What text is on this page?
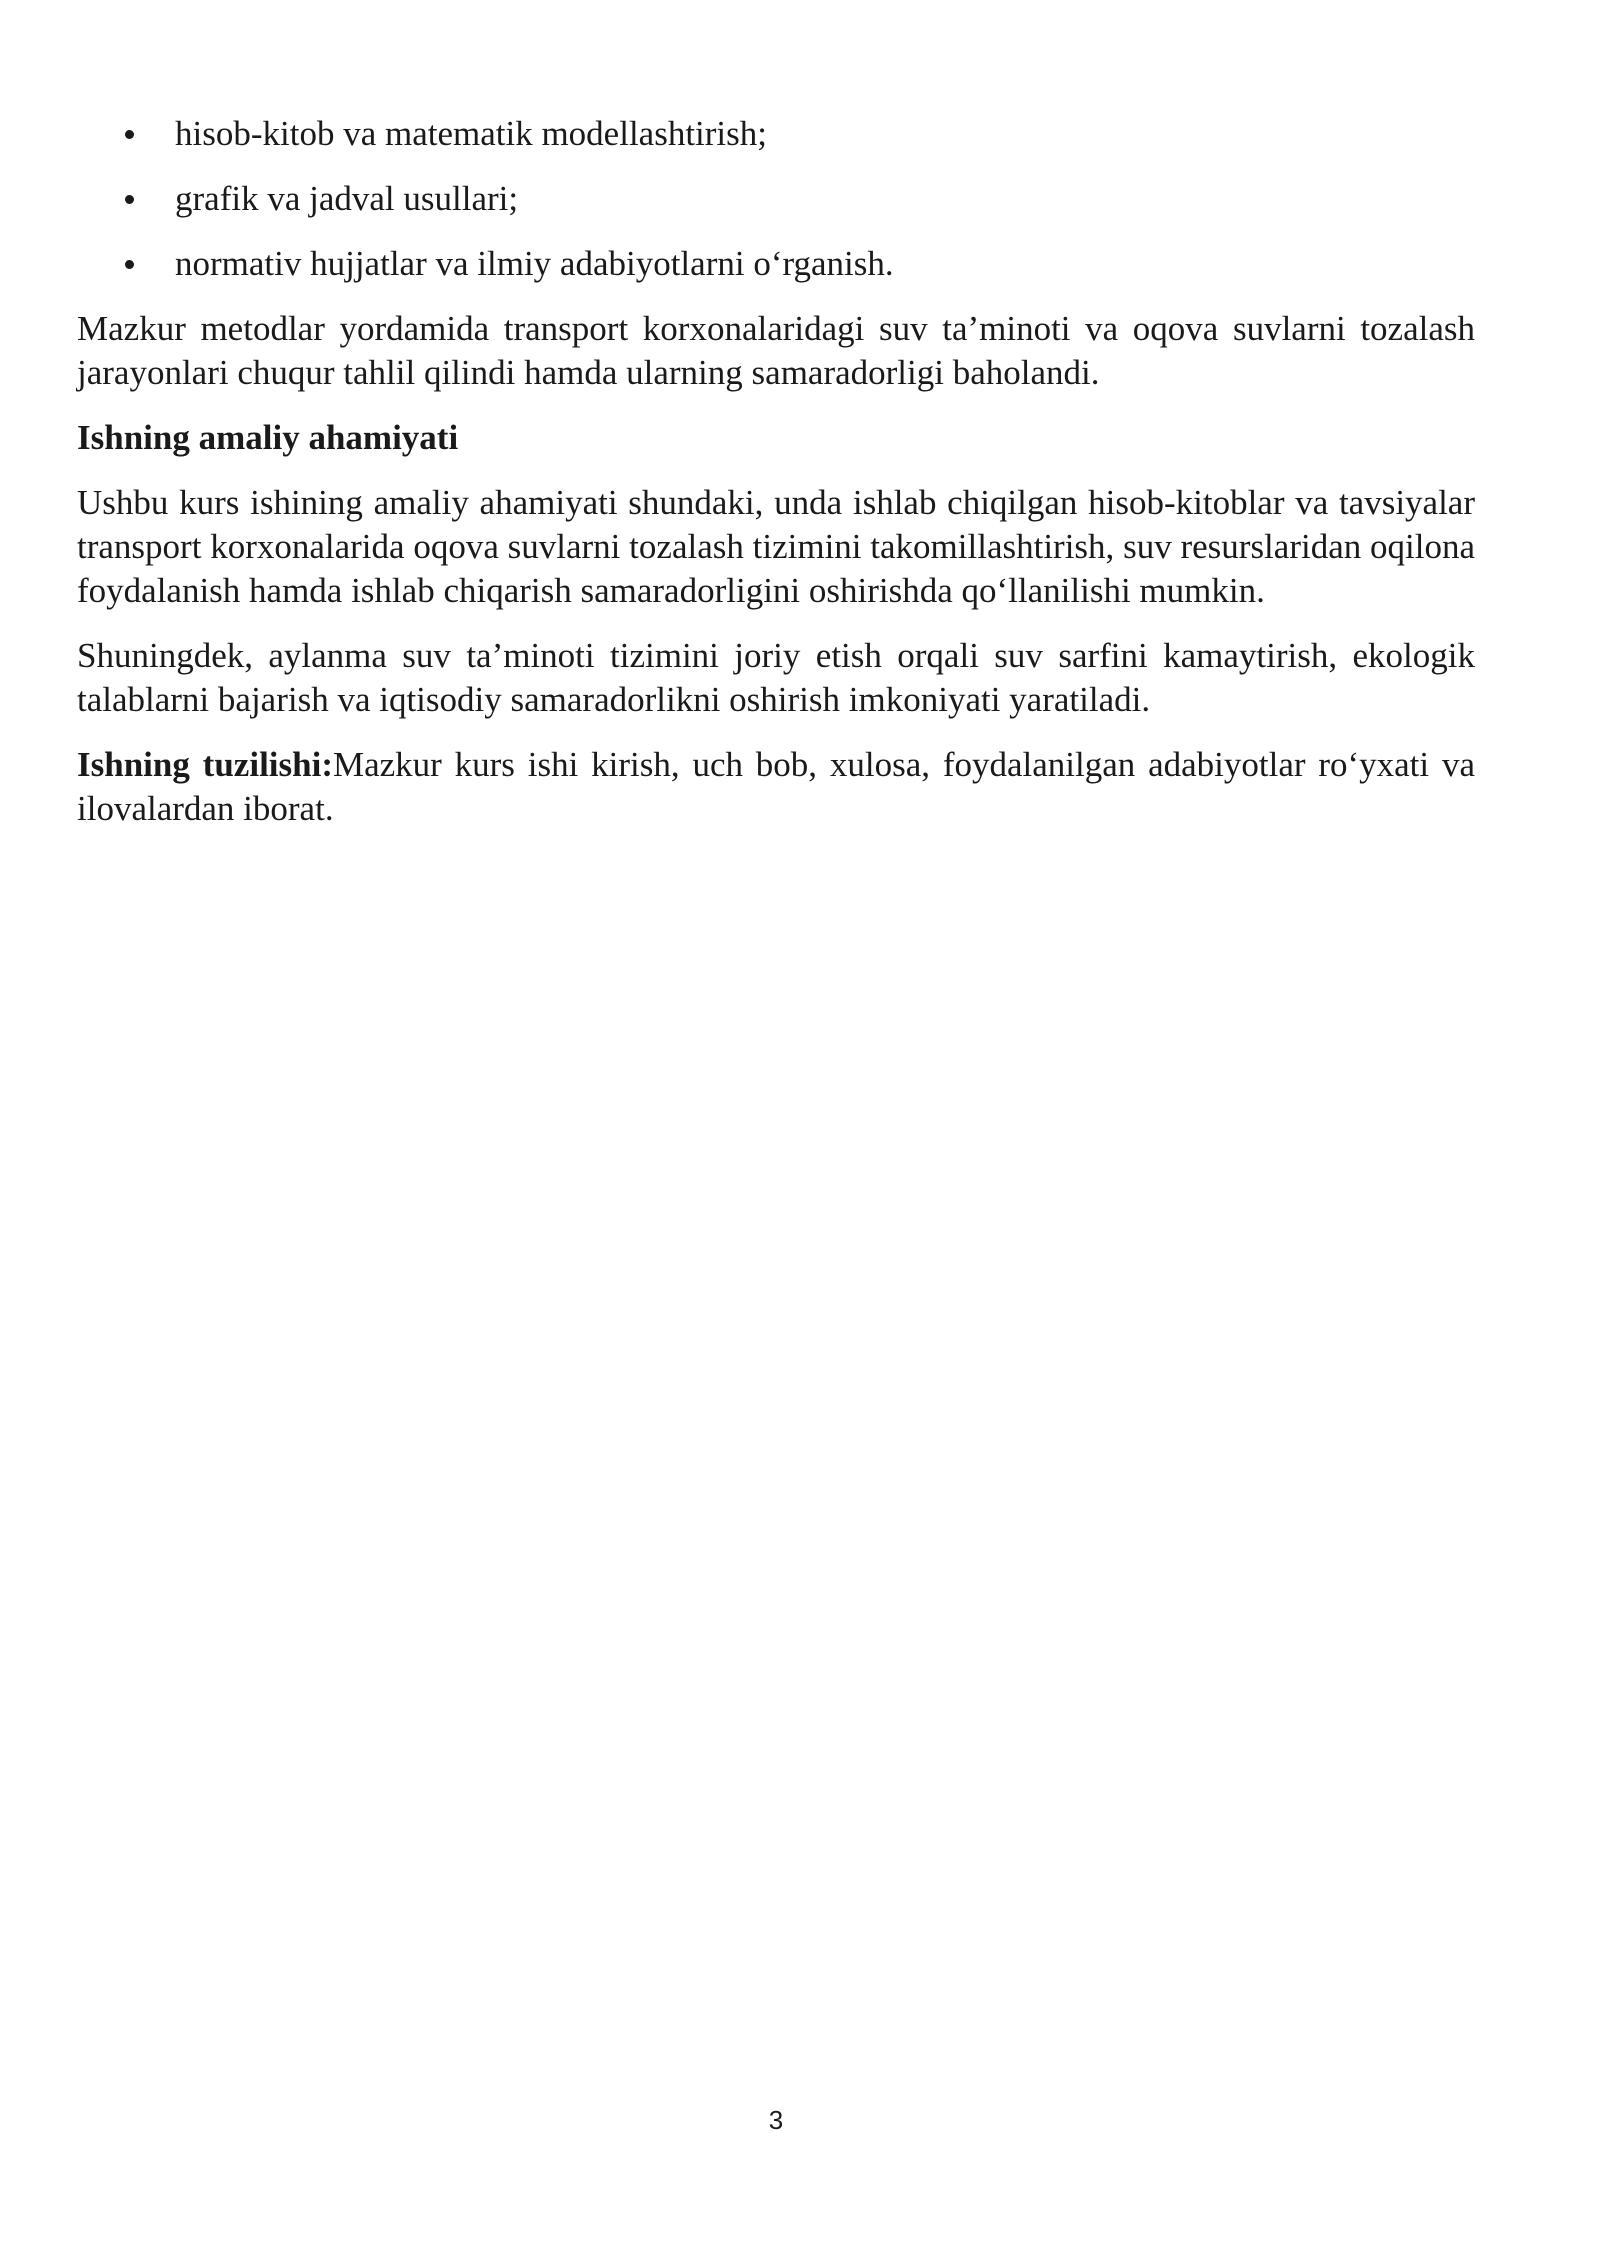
hisob-kitob va matematik modellashtirish;
grafik va jadval usullari;
normativ hujjatlar va ilmiy adabiyotlarni o‘rganish.

Mazkur metodlar yordamida transport korxonalaridagi suv ta’minoti va oqova suvlarni tozalash jarayonlari chuqur tahlil qilindi hamda ularning samaradorligi baholandi.

Ishning amaliy ahamiyati

Ushbu kurs ishining amaliy ahamiyati shundaki, unda ishlab chiqilgan hisob-kitoblar va tavsiyalar transport korxonalarida oqova suvlarni tozalash tizimini takomillashtirish, suv resurslaridan oqilona foydalanish hamda ishlab chiqarish samaradorligini oshirishda qo‘llanilishi mumkin.

Shuningdek, aylanma suv ta’minoti tizimini joriy etish orqali suv sarfini kamaytirish, ekologik talablarni bajarish va iqtisodiy samaradorlikni oshirish imkoniyati yaratiladi.

Ishning tuzilishi:Mazkur kurs ishi kirish, uch bob, xulosa, foydalanilgan adabiyotlar ro‘yxati va ilovalardan iborat.

3
